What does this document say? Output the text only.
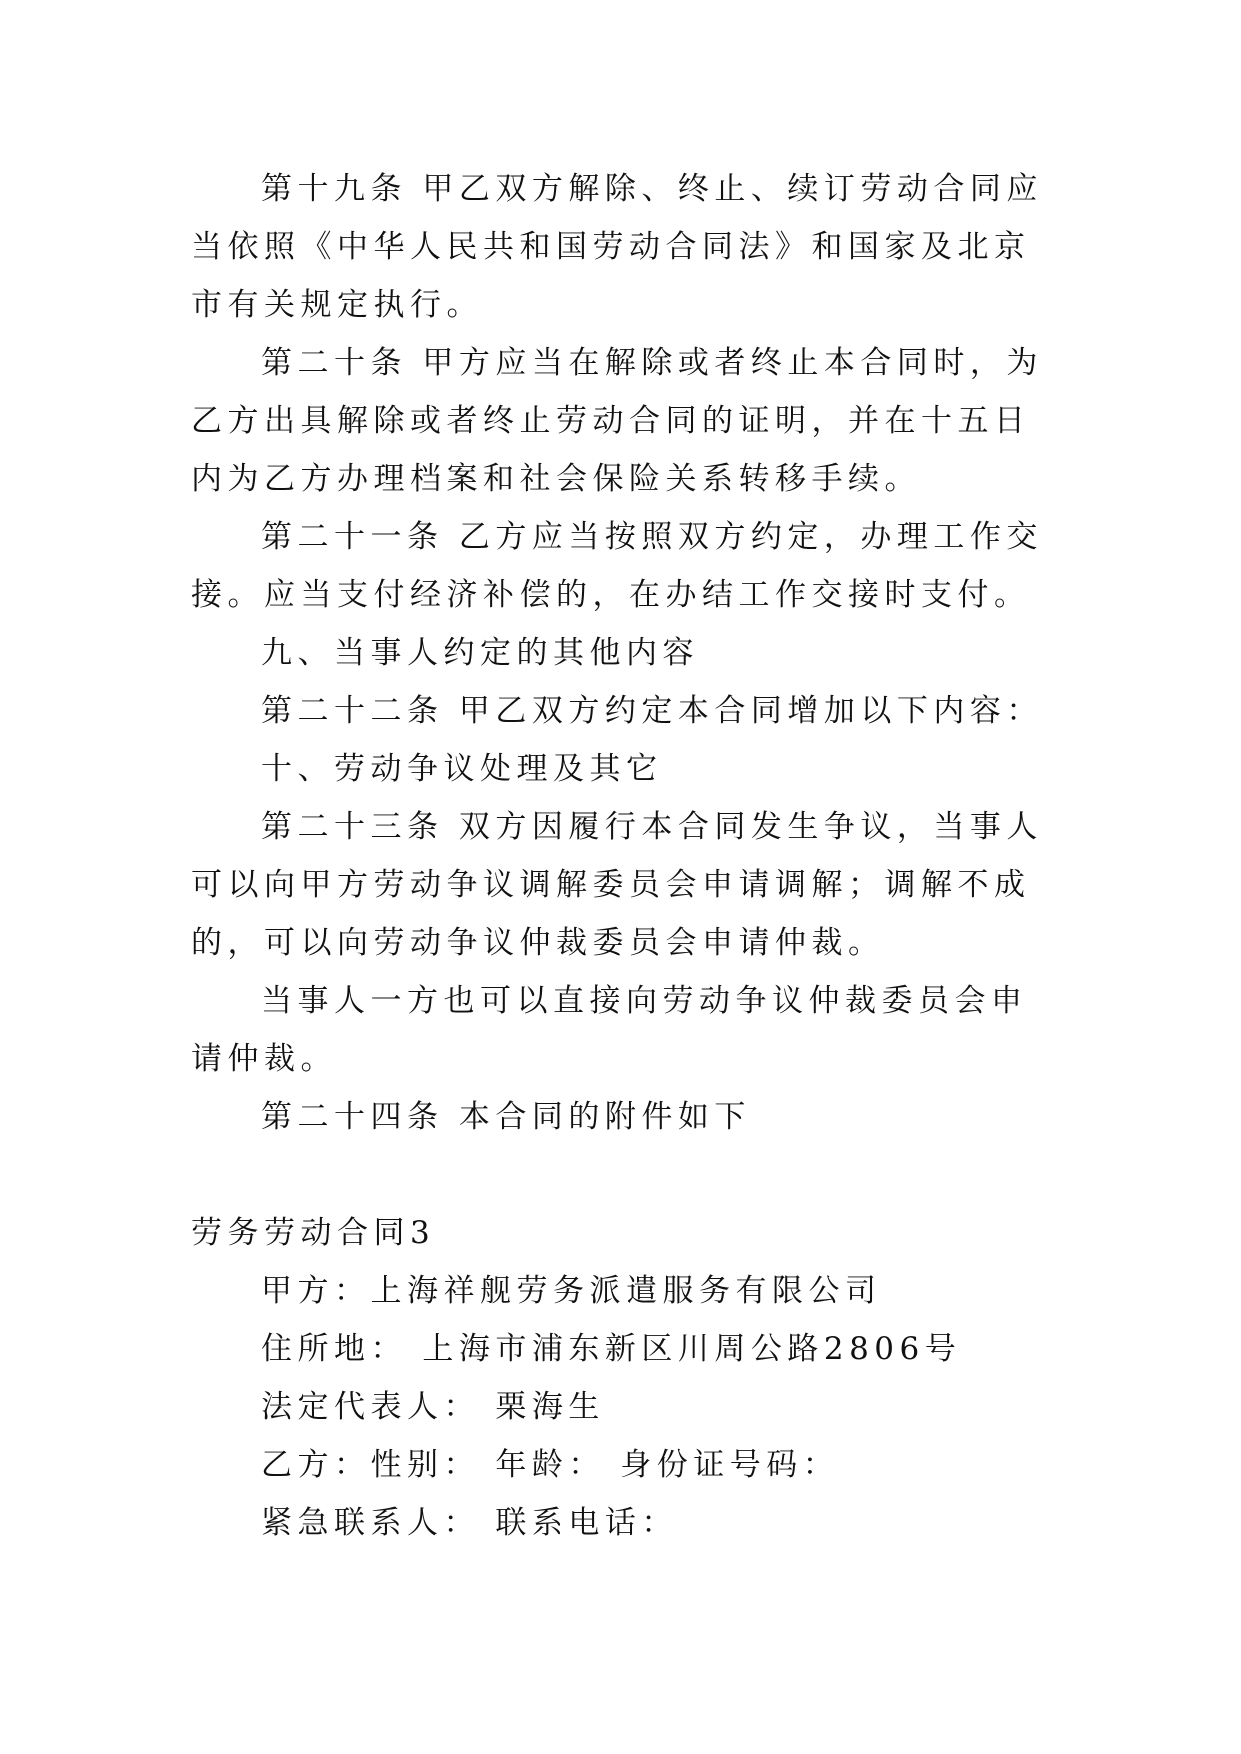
第十九条 甲乙双方解除、终止、续订劳动合同应当依照《中华人民共和国劳动合同法》和国家及北京市有关规定执行。

第二十条 甲方应当在解除或者终止本合同时，为乙方出具解除或者终止劳动合同的证明，并在十五日内为乙方办理档案和社会保险关系转移手续。

第二十一条 乙方应当按照双方约定，办理工作交接。应当支付经济补偿的，在办结工作交接时支付。

九、当事人约定的其他内容

第二十二条 甲乙双方约定本合同增加以下内容：

十、劳动争议处理及其它

第二十三条 双方因履行本合同发生争议，当事人可以向甲方劳动争议调解委员会申请调解；调解不成的，可以向劳动争议仲裁委员会申请仲裁。

当事人一方也可以直接向劳动争议仲裁委员会申请仲裁。

第二十四条 本合同的附件如下

劳务劳动合同3

甲方：上海祥舰劳务派遣服务有限公司

住所地： 上海市浦东新区川周公路2806号

法定代表人： 栗海生

乙方：性别： 年龄： 身份证号码：

紧急联系人： 联系电话：
